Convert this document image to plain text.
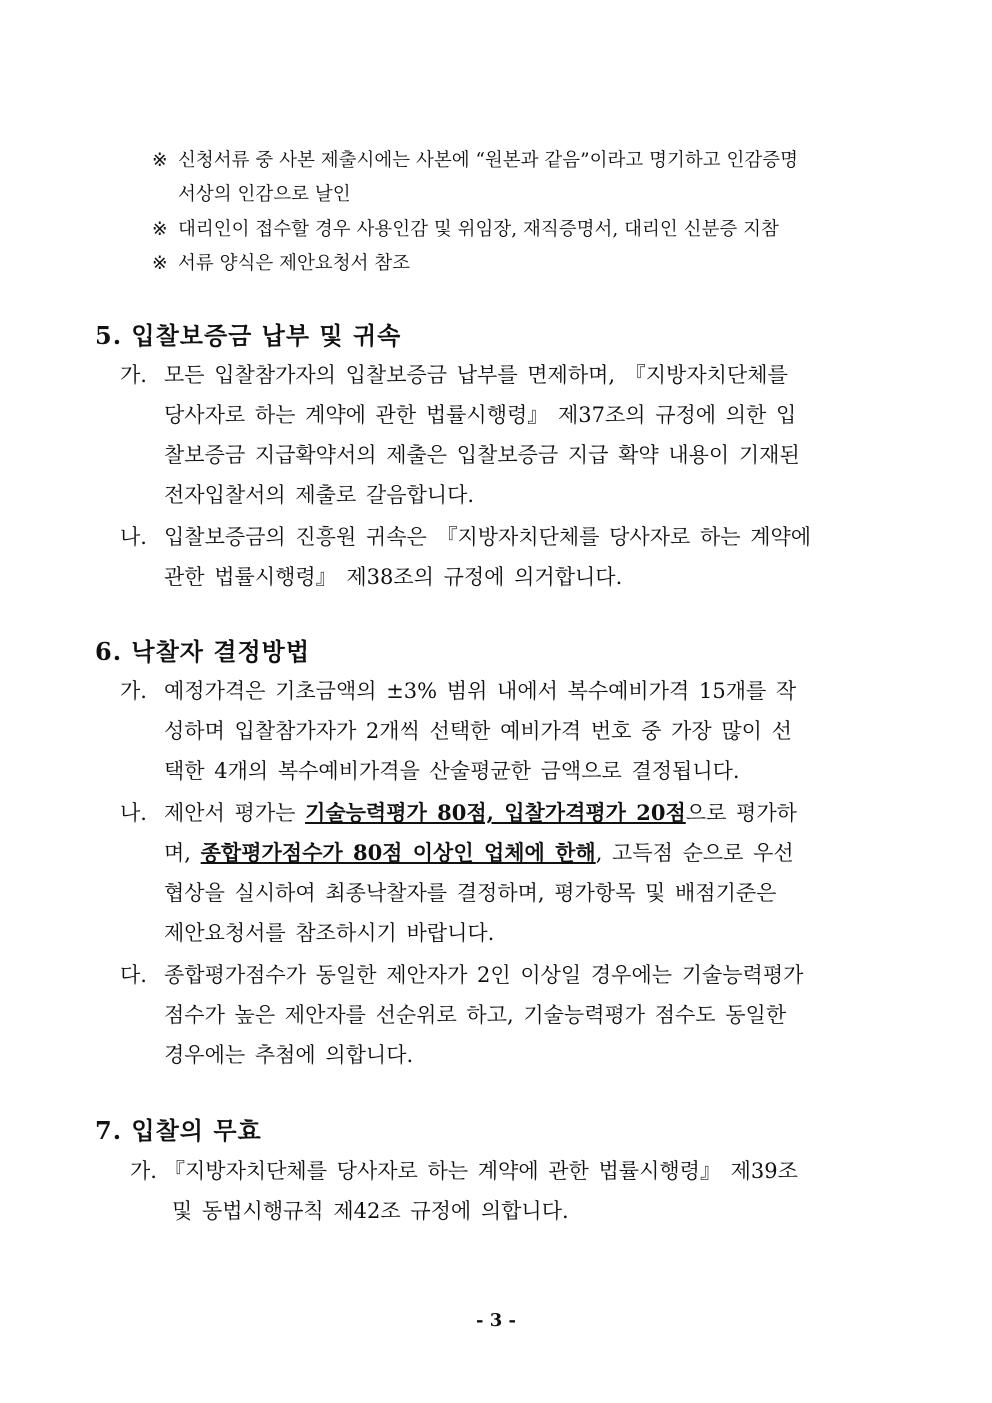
※ 신청서류 중 사본 제출시에는 사본에 “원본과 같음”이라고 명기하고 인감증명
서상의 인감으로 날인
※ 대리인이 접수할 경우 사용인감 및 위임장, 재직증명서, 대리인 신분증 지참
※ 서류 양식은 제안요청서 참조
5. 입찰보증금 납부 및 귀속
가. 모든 입찰참가자의 입찰보증금 납부를 면제하며, 『지방자치단체를
당사자로 하는 계약에 관한 법률시행령』 제37조의 규정에 의한 입
찰보증금 지급확약서의 제출은 입찰보증금 지급 확약 내용이 기재된
전자입찰서의 제출로 갈음합니다.
나. 입찰보증금의 진흥원 귀속은 『지방자치단체를 당사자로 하는 계약에
관한 법률시행령』 제38조의 규정에 의거합니다.
6. 낙찰자 결정방법
가. 예정가격은 기초금액의 ±3% 범위 내에서 복수예비가격 15개를 작
성하며 입찰참가자가 2개씩 선택한 예비가격 번호 중 가장 많이 선
택한 4개의 복수예비가격을 산술평균한 금액으로 결정됩니다.
나. 제안서 평가는 기술능력평가 80점, 입찰가격평가 20점으로 평가하
며, 종합평가점수가 80점 이상인 업체에 한해, 고득점 순으로 우선
협상을 실시하여 최종낙찰자를 결정하며, 평가항목 및 배점기준은
제안요청서를 참조하시기 바랍니다.
다. 종합평가점수가 동일한 제안자가 2인 이상일 경우에는 기술능력평가
점수가 높은 제안자를 선순위로 하고, 기술능력평가 점수도 동일한
경우에는 추첨에 의합니다.
7. 입찰의 무효
가. 『지방자치단체를 당사자로 하는 계약에 관한 법률시행령』 제39조
및 동법시행규칙 제42조 규정에 의합니다.
- 3 -
